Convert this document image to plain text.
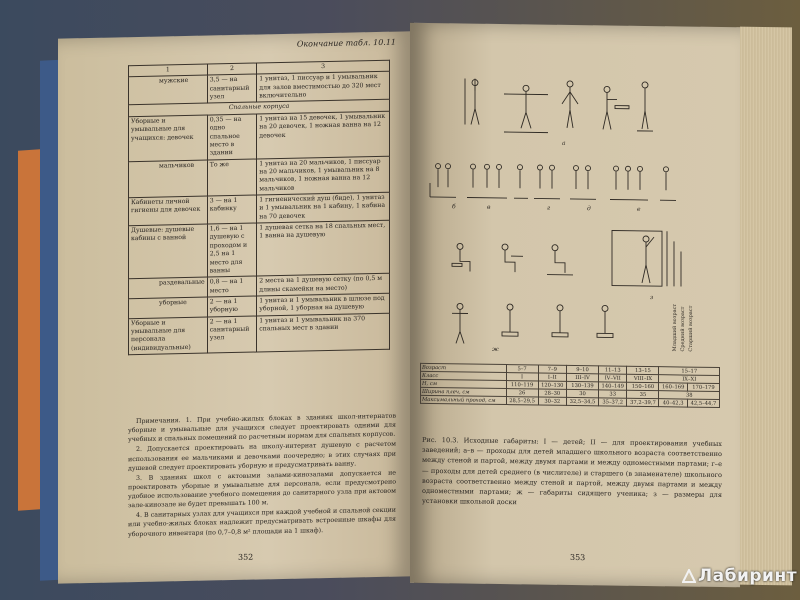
Окончание табл. 10.11
1	2	3
мужские	3,5 — на санитарный узел	1 унитаз, 1 писсуар и 1 умывальник для залов вместимостью до 320 мест включительно
Спальные корпуса		
Уборные и умывальные для учащихся: девочек	0,35 — на одно спальное место в здании	1 унитаз на 15 девочек, 1 умывальник на 20 девочек, 1 ножная ванна на 12 девочек
мальчиков	То же	1 унитаз на 20 мальчиков, 1 писсуар на 20 мальчиков, 1 умывальник на 8 мальчиков, 1 ножная ванна на 12 мальчиков
Кабинеты личной гигиены для девочек	3 — на 1 кабинку	1 гигиенический душ (биде), 1 унитаз и 1 умывальник на 1 кабину, 1 кабина на 70 девочек
Душевые: душевые кабины с ванной	1,6 — на 1 душевую с проходом и 2,5 на 1 место для ванны	1 душевая сетка на 18 спальных мест, 1 ванна на душевую
раздевальные	0,8 — на 1 место	2 места на 1 душевую сетку (по 0,5 м длины скамейки на место)
уборные	2 — на 1 уборную	1 унитаз и 1 умывальник в шлюзе под уборной, 1 уборная на душевую
Уборные и умывальные для персонала (индивидуальные)	2 — на 1 санитарный узел	1 унитаз и 1 умывальник на 370 спальных мест в здании

Примечания. 1. При учебно-жилых блоках в зданиях школ-интернатов уборные и умывальные для учащихся следует проектировать одними для учебных и спальных помещений по расчетным нормам для спальных корпусов.

2. Допускается проектировать на школу-интернат душевую с расчетом использования ее мальчиками и девочками поочередно; в этих случаях при душевой следует проектировать уборную и предусматривать ванну.

3. В зданиях школ с актовыми залами-кинозалами допускается не проектировать уборные и умывальные для персонала, если предусмотрено удобное использование учебного помещения до санитарного узла при актовом зале-кинозале не будет превышать 100 м.

4. В санитарных узлах для учащихся при каждой учебной и спальной секции или учебно-жилых блоках надлежит предусматривать встроенные шкафы для уборочного инвентаря (по 0,7–0,8 м² площади на 1 шкаф).

352
а
б	в	г	д	е
з
Младший возраст Средний возраст Старший возраст
ж
Возраст	5–7	7–9	9–10	11–13	13–15	15–17	
Класс	I	I–II	III–IV	IV–VII	VIII–IX	IX–XI	
Н, см	110–119	120–130	130–139	140–149	150–160	160–169	170–179
Ширина плеч, см	26	28–30	30	33	35	38	
Максимальный проход, см	28,5–29,5	30–32	32,5–34,5	35–37,2	37,2–39,7	40–42,3	42,5–44,7
Рис. 10.3. Исходные габариты: I — детей; II — для проектирования учебных заведений; а–в — проходы для детей младшего школьного возраста соответственно между стеной и партой, между двумя партами и между одноместными партами; г–е — проходы для детей среднего (в числителе) и старшего (в знаменателе) школьного возраста соответственно между стеной и партой, между двумя партами и между одноместными партами; ж — габариты сидящего ученика; з — размеры для установки школьной доски
353
Лабиринт
